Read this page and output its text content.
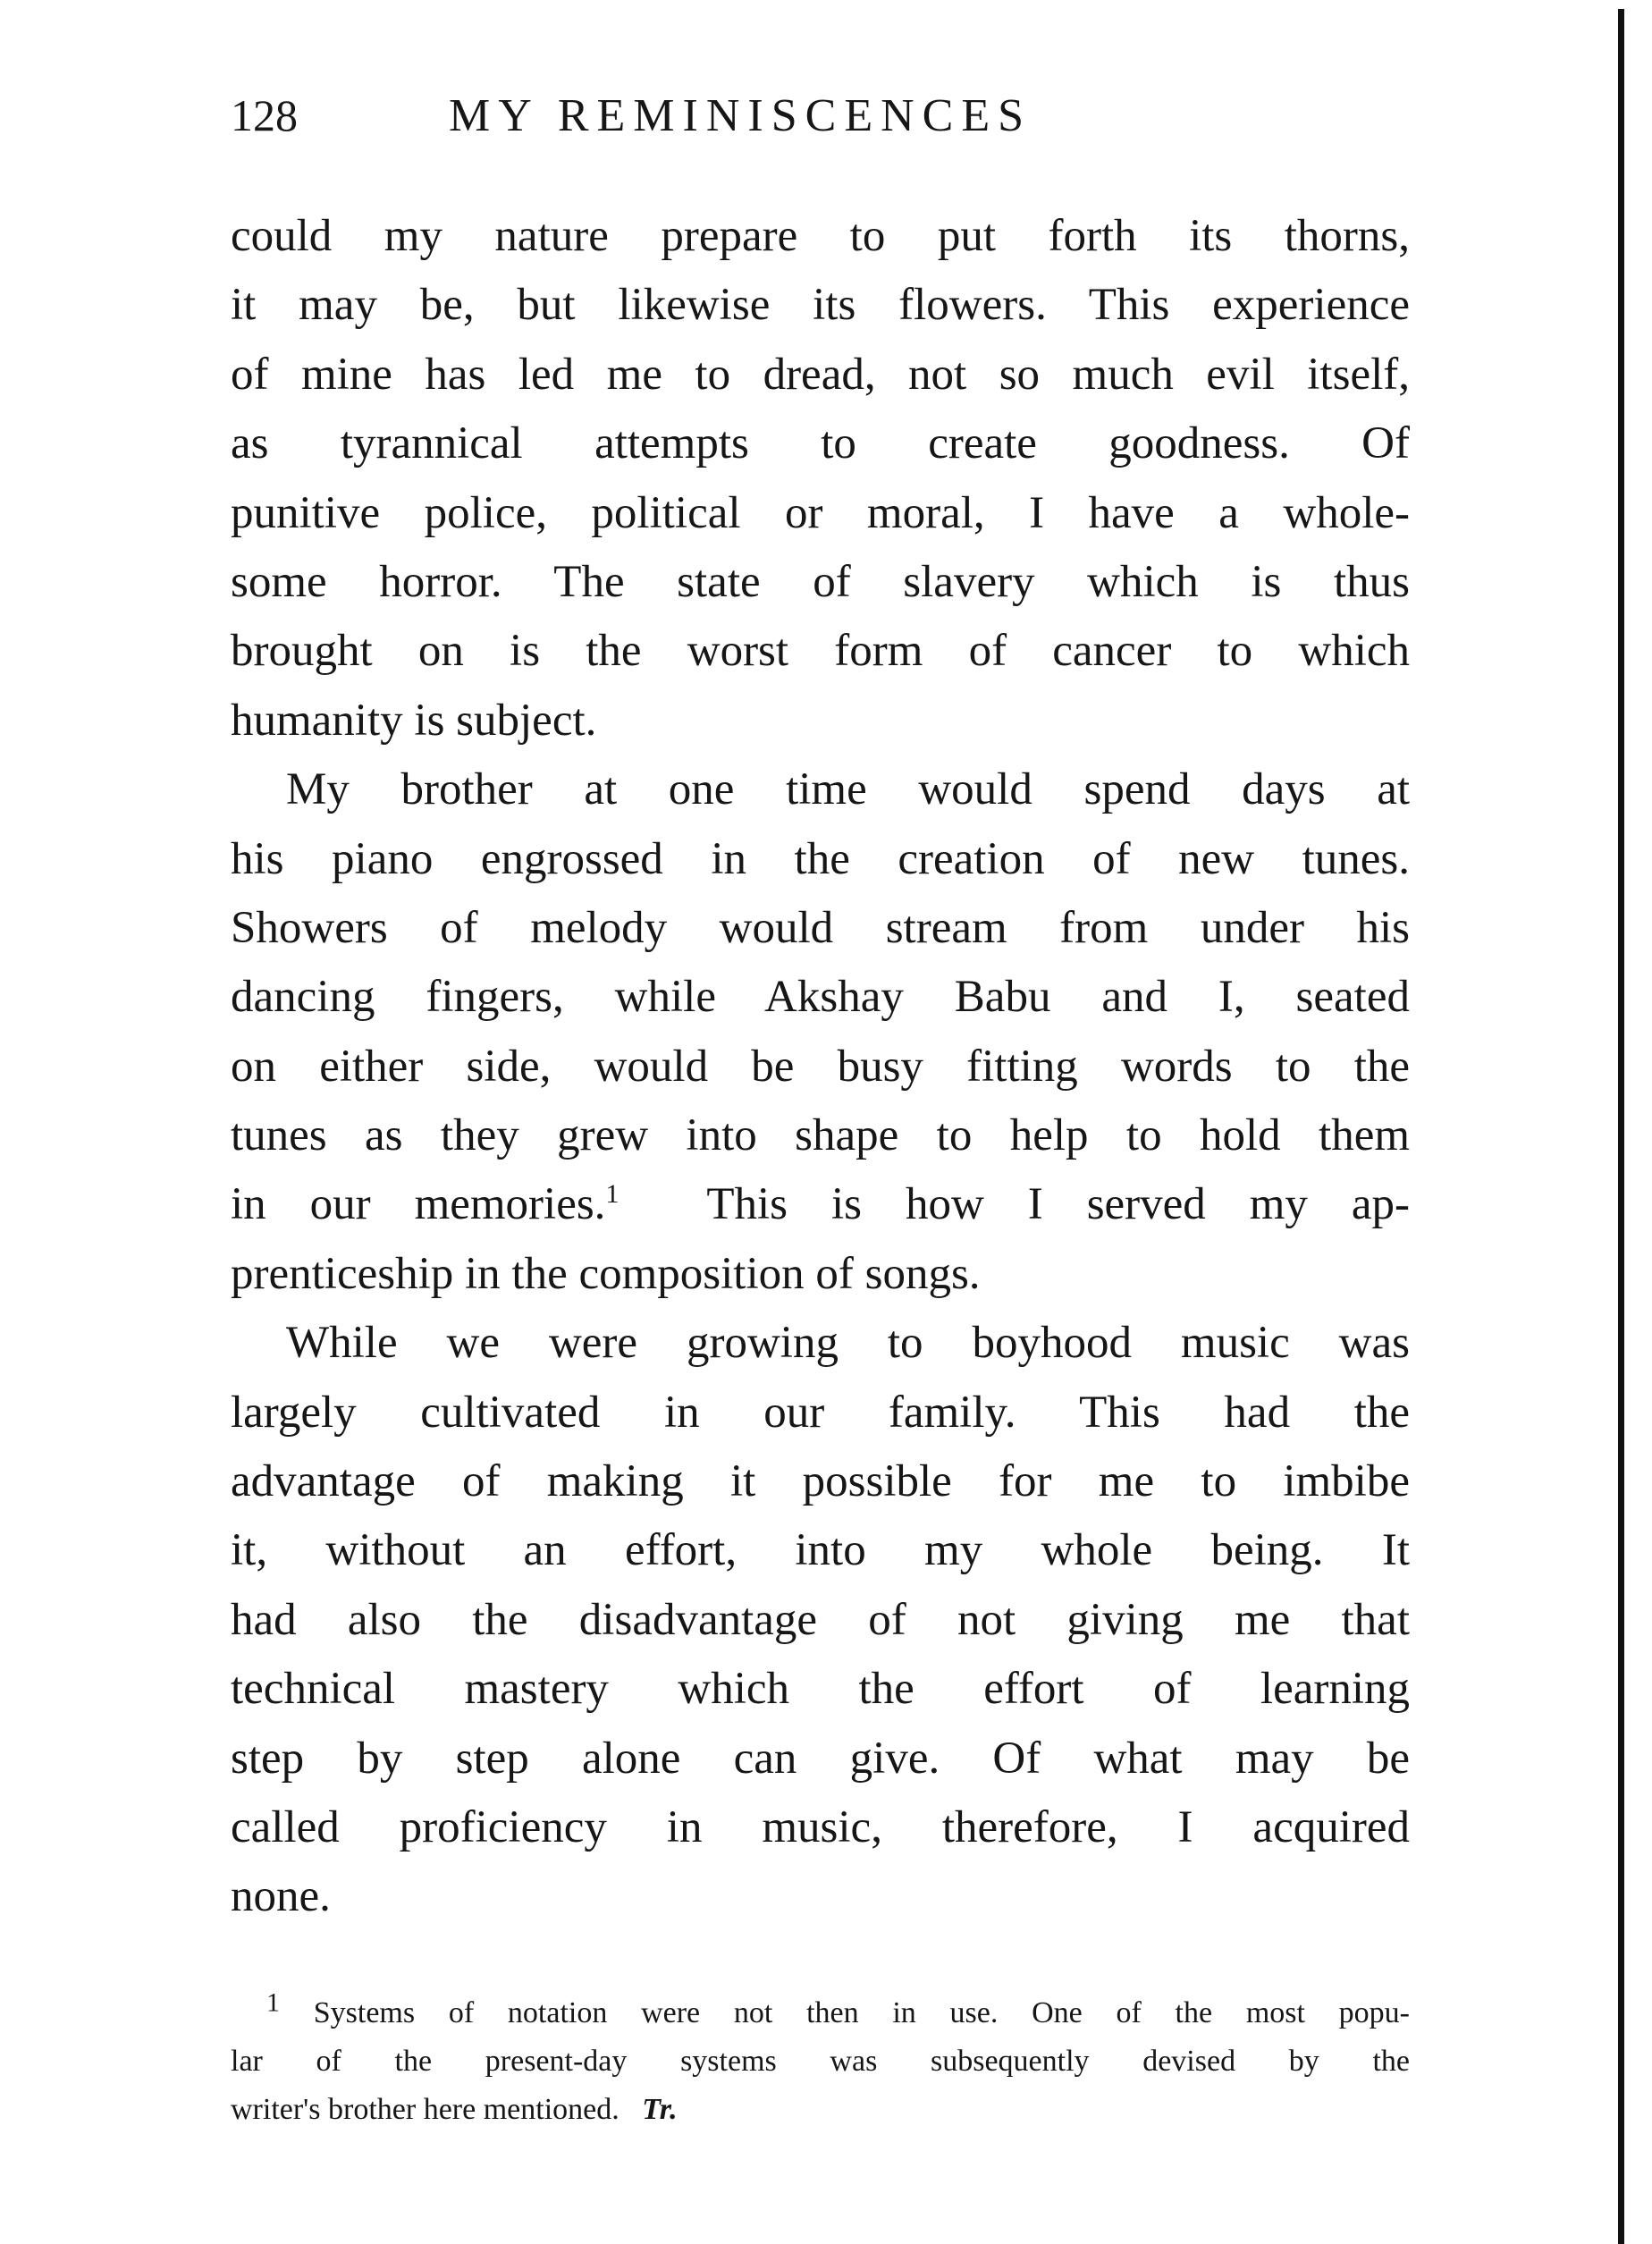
128	MY REMINISCENCES
could my nature prepare to put forth its thorns,
it may be, but likewise its flowers. This experience
of mine has led me to dread, not so much evil itself,
as tyrannical attempts to create goodness. Of
punitive police, political or moral, I have a whole-
some horror. The state of slavery which is thus
brought on is the worst form of cancer to which
humanity is subject.
My brother at one time would spend days at
his piano engrossed in the creation of new tunes.
Showers of melody would stream from under his
dancing fingers, while Akshay Babu and I, seated
on either side, would be busy fitting words to the
tunes as they grew into shape to help to hold them
in our memories.$^1$ This is how I served my ap-
prenticeship in the composition of songs.
While we were growing to boyhood music was
largely cultivated in our family. This had the
advantage of making it possible for me to imbibe
it, without an effort, into my whole being. It
had also the disadvantage of not giving me that
technical mastery which the effort of learning
step by step alone can give. Of what may be
called proficiency in music, therefore, I acquired
none.
$^1$ Systems of notation were not then in use. One of the most popu-
lar of the present-day systems was subsequently devised by the
writer's brother here mentioned. Tr.
